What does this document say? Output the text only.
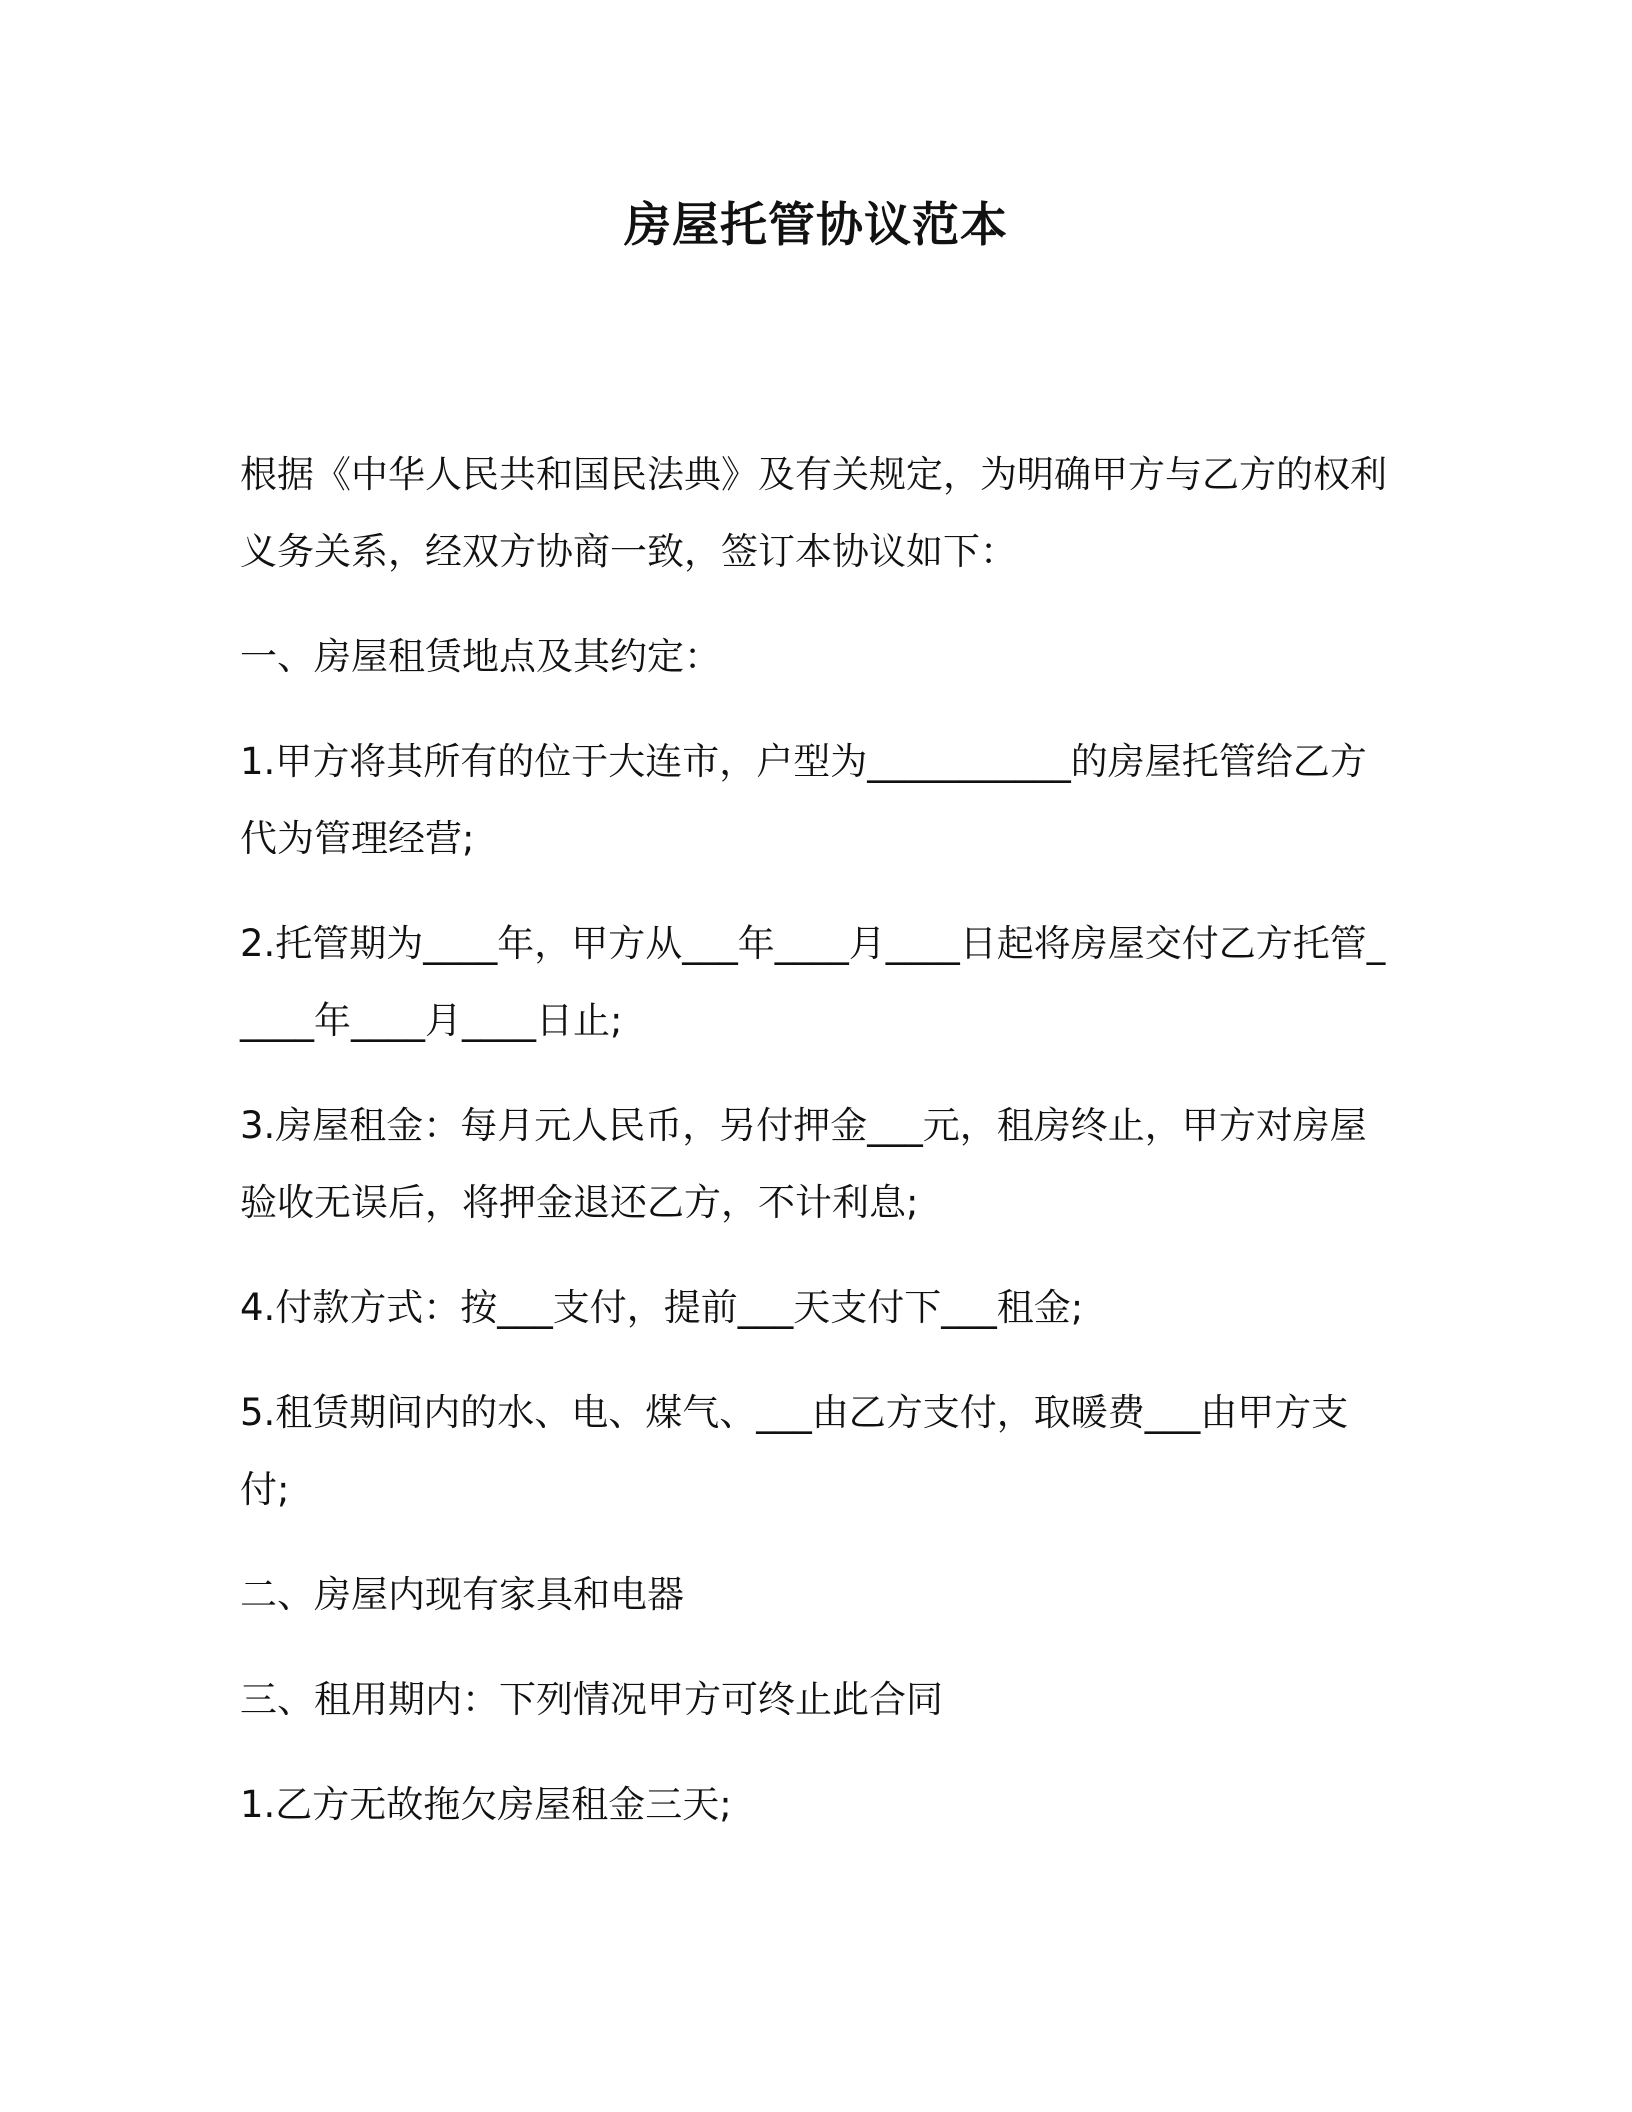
房屋托管协议范本

根据《中华人民共和国民法典》及有关规定，为明确甲方与乙方的权利义务关系，经双方协商一致，签订本协议如下：

一、房屋租赁地点及其约定：

1.甲方将其所有的位于大连市，户型为___________的房屋托管给乙方代为管理经营;

2.托管期为____年，甲方从___年____月____日起将房屋交付乙方托管_____年____月____日止;

3.房屋租金：每月元人民币，另付押金___元，租房终止，甲方对房屋验收无误后，将押金退还乙方，不计利息;

4.付款方式：按___支付，提前___天支付下___租金;

5.租赁期间内的水、电、煤气、___由乙方支付，取暖费___由甲方支付;

二、房屋内现有家具和电器

三、租用期内：下列情况甲方可终止此合同

1.乙方无故拖欠房屋租金三天;
